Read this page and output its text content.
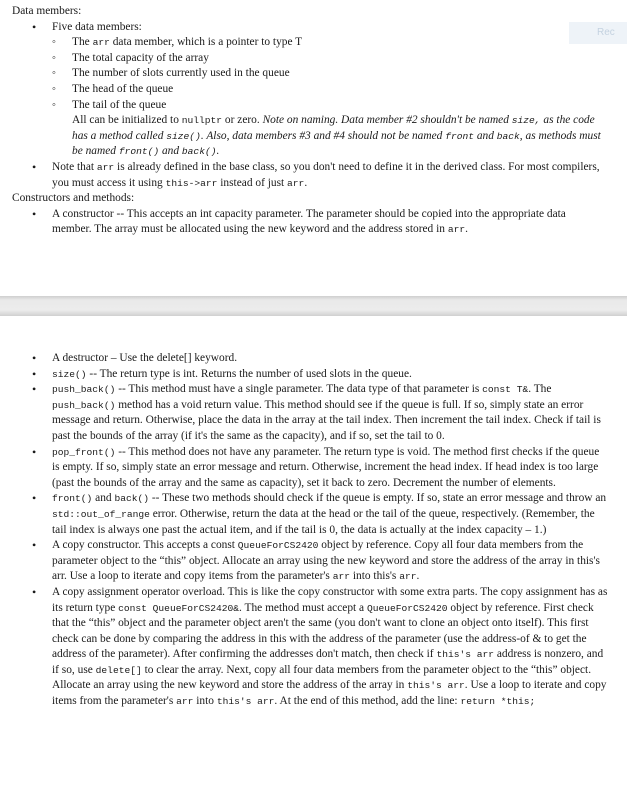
Rec

Data members:

• Five data members:
◦ The arr data member, which is a pointer to type T
◦ The total capacity of the array
◦ The number of slots currently used in the queue
◦ The head of the queue
◦ The tail of the queue
All can be initialized to nullptr or zero. Note on naming. Data member #2 shouldn't be named size, as the code has a method called size(). Also, data members #3 and #4 should not be named front and back, as methods must be named front() and back().
• Note that arr is already defined in the base class, so you don't need to define it in the derived class. For most compilers, you must access it using this->arr instead of just arr.

Constructors and methods:

• A constructor -- This accepts an int capacity parameter. The parameter should be copied into the appropriate data member. The array must be allocated using the new keyword and the address stored in arr.
• A destructor – Use the delete[] keyword.
• size() -- The return type is int. Returns the number of used slots in the queue.
• push_back() -- This method must have a single parameter. The data type of that parameter is const T&. The push_back() method has a void return value. This method should see if the queue is full. If so, simply state an error message and return. Otherwise, place the data in the array at the tail index. Then increment the tail index. Check if tail is past the bounds of the array (if it's the same as the capacity), and if so, set the tail to 0.
• pop_front() -- This method does not have any parameter. The return type is void. The method first checks if the queue is empty. If so, simply state an error message and return. Otherwise, increment the head index. If head index is too large (past the bounds of the array and the same as capacity), set it back to zero. Decrement the number of elements.
• front() and back() -- These two methods should check if the queue is empty. If so, state an error message and throw an std::out_of_range error. Otherwise, return the data at the head or the tail of the queue, respectively. (Remember, the tail index is always one past the actual item, and if the tail is 0, the data is actually at the index capacity – 1.)
• A copy constructor. This accepts a const QueueForCS2420 object by reference. Copy all four data members from the parameter object to the “this” object. Allocate an array using the new keyword and store the address of the array in this's arr. Use a loop to iterate and copy items from the parameter's arr into this's arr.
• A copy assignment operator overload. This is like the copy constructor with some extra parts. The copy assignment has as its return type const QueueForCS2420&. The method must accept a QueueForCS2420 object by reference. First check that the “this” object and the parameter object aren't the same (you don't want to clone an object onto itself). This first check can be done by comparing the address in this with the address of the parameter (use the address-of & to get the address of the parameter). After confirming the addresses don't match, then check if this's arr address is nonzero, and if so, use delete[] to clear the array. Next, copy all four data members from the parameter object to the “this” object. Allocate an array using the new keyword and store the address of the array in this's arr. Use a loop to iterate and copy items from the parameter's arr into this's arr. At the end of this method, add the line: return *this;
